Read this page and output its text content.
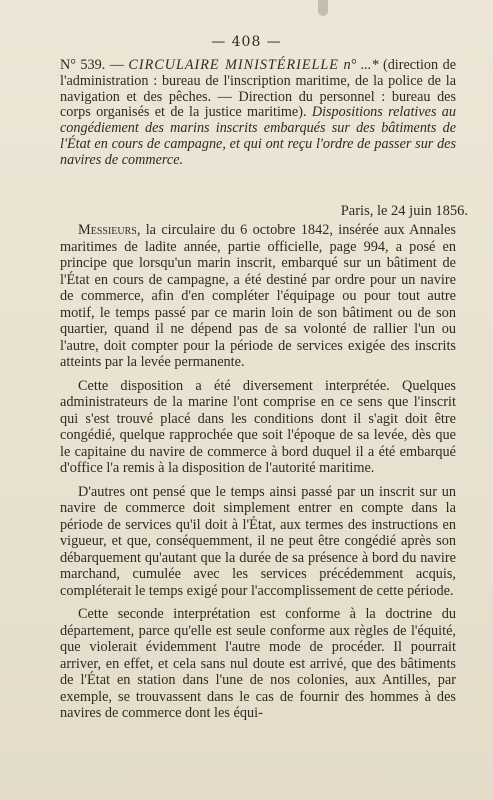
— 408 —
N° 539. — CIRCULAIRE MINISTÉRIELLE n° ...* (direction de l'administration : bureau de l'inscription maritime, de la police de la navigation et des pêches. — Direction du personnel : bureau des corps organisés et de la justice maritime). Dispositions relatives au congédiement des marins inscrits embarqués sur des bâtiments de l'État en cours de campagne, et qui ont reçu l'ordre de passer sur des navires de commerce.
Paris, le 24 juin 1856.

Messieurs, la circulaire du 6 octobre 1842, insérée aux Annales maritimes de ladite année, partie officielle, page 994, a posé en principe que lorsqu'un marin inscrit, embarqué sur un bâtiment de l'État en cours de campagne, a été destiné par ordre pour un navire de commerce, afin d'en compléter l'équipage ou pour tout autre motif, le temps passé par ce marin loin de son bâtiment ou de son quartier, quand il ne dépend pas de sa volonté de rallier l'un ou l'autre, doit compter pour la période de services exigée des inscrits atteints par la levée permanente.

Cette disposition a été diversement interprétée. Quelques administrateurs de la marine l'ont comprise en ce sens que l'inscrit qui s'est trouvé placé dans les conditions dont il s'agit doit être congédié, quelque rapprochée que soit l'époque de sa levée, dès que le capitaine du navire de commerce à bord duquel il a été embarqué d'office l'a remis à la disposition de l'autorité maritime.

D'autres ont pensé que le temps ainsi passé par un inscrit sur un navire de commerce doit simplement entrer en compte dans la période de services qu'il doit à l'État, aux termes des instructions en vigueur, et que, conséquemment, il ne peut être congédié après son débarquement qu'autant que la durée de sa présence à bord du navire marchand, cumulée avec les services précédemment acquis, compléterait le temps exigé pour l'accomplissement de cette période.

Cette seconde interprétation est conforme à la doctrine du département, parce qu'elle est seule conforme aux règles de l'équité, que violerait évidemment l'autre mode de procéder. Il pourrait arriver, en effet, et cela sans nul doute est arrivé, que des bâtiments de l'État en station dans l'une de nos colonies, aux Antilles, par exemple, se trouvassent dans le cas de fournir des hommes à des navires de commerce dont les équi-
